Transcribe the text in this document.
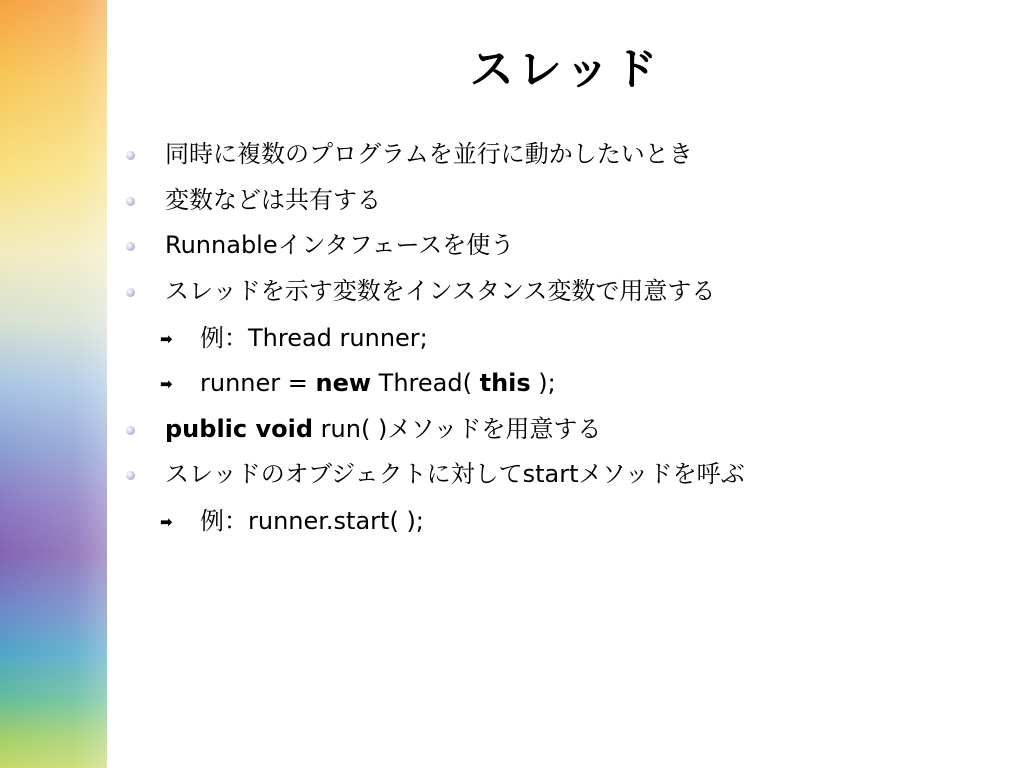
スレッド
同時に複数のプログラムを並行に動かしたいとき
変数などは共有する
Runnableインタフェースを使う
スレッドを示す変数をインスタンス変数で用意する
➡ 例：Thread runner;
➡ runner = new Thread( this );
public void run( )メソッドを用意する
スレッドのオブジェクトに対してstartメソッドを呼ぶ
➡ 例：runner.start( );
